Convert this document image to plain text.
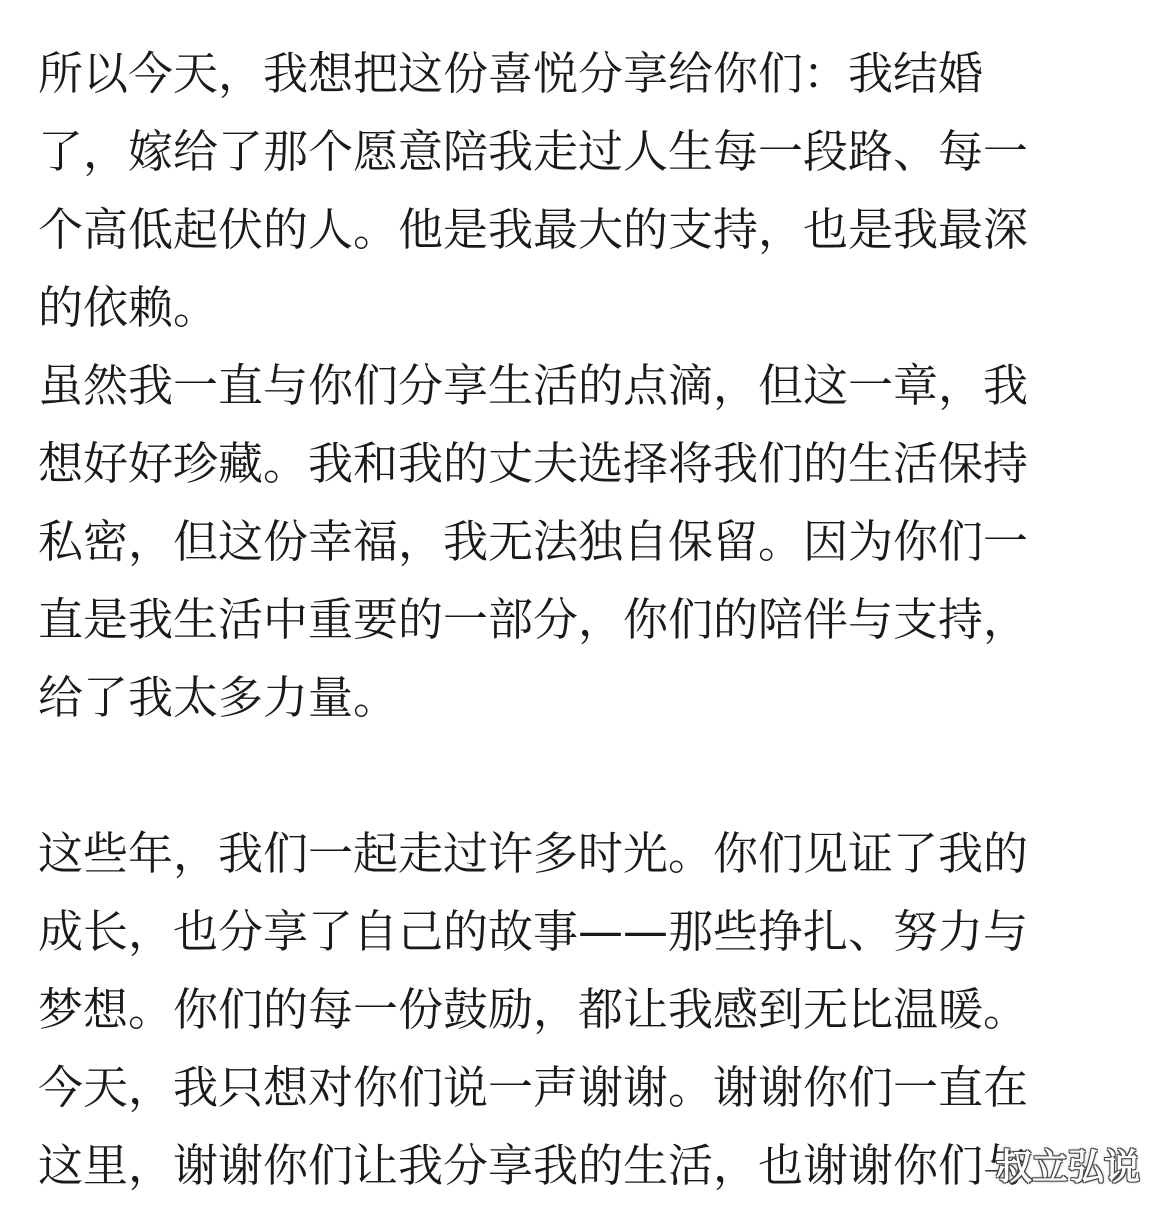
所以今天，我想把这份喜悦分享给你们：我结婚
了，嫁给了那个愿意陪我走过人生每一段路、每一
个高低起伏的人。他是我最大的支持，也是我最深
的依赖。
虽然我一直与你们分享生活的点滴，但这一章，我
想好好珍藏。我和我的丈夫选择将我们的生活保持
私密，但这份幸福，我无法独自保留。因为你们一
直是我生活中重要的一部分，你们的陪伴与支持，
给了我太多力量。
这些年，我们一起走过许多时光。你们见证了我的
成长，也分享了自己的故事——那些挣扎、努力与
梦想。你们的每一份鼓励，都让我感到无比温暖。
今天，我只想对你们说一声谢谢。谢谢你们一直在
这里，谢谢你们让我分享我的生活，也谢谢你们与
叔立弘说
